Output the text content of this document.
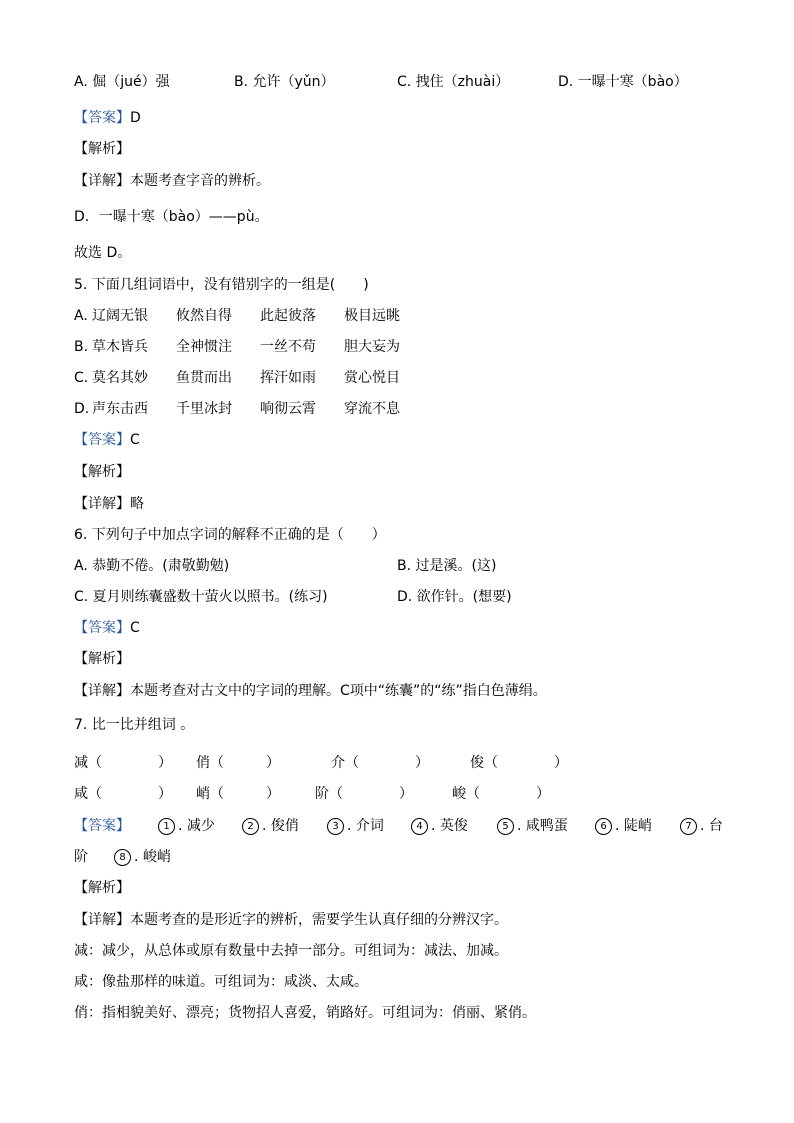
A. 倔（jué）强	B. 允许（yǔn）	C. 拽住（zhuài）	D. 一曝十寒（bào）
【答案】D
【解析】
【详解】本题考查字音的辨析。
D．一曝十寒（bào）——pù。
故选 D。
5. 下面几组词语中，没有错别字的一组是(　　)
A. 辽阔无银 攸然自得 此起彼落 极目远眺
B. 草木皆兵 全神惯注 一丝不苟 胆大妄为
C. 莫名其妙 鱼贯而出 挥汗如雨 赏心悦目
D. 声东击西 千里冰封 响彻云霄 穿流不息
【答案】C
【解析】
【详解】略
6. 下列句子中加点字词的解释不正确的是（　　）
A. 恭勤不倦。(肃敬勤勉)	B. 过是溪。(这)
C. 夏月则练囊盛数十萤火以照书。(练习)	D. 欲作针。(想要)
【答案】C
【解析】
【详解】本题考查对古文中的字词的理解。C项中“练囊”的“练”指白色薄绢。
7. 比一比并组词 。
减（　　　　） 俏（　　　）	介（　　　　）	俊（　　　　）
咸（　　　　） 峭（　　　）	阶（　　　　）	峻（　　　　）
【答案】	1 . 减少	2 . 俊俏	3 . 介词	4 . 英俊	5 . 咸鸭蛋	6 . 陡峭	7 . 台
阶	8 . 峻峭
【解析】
【详解】本题考查的是形近字的辨析，需要学生认真仔细的分辨汉字。
减：减少，从总体或原有数量中去掉一部分。可组词为：减法、加减。
咸：像盐那样的味道。可组词为：咸淡、太咸。
俏：指相貌美好、漂亮；货物招人喜爱，销路好。可组词为：俏丽、紧俏。
